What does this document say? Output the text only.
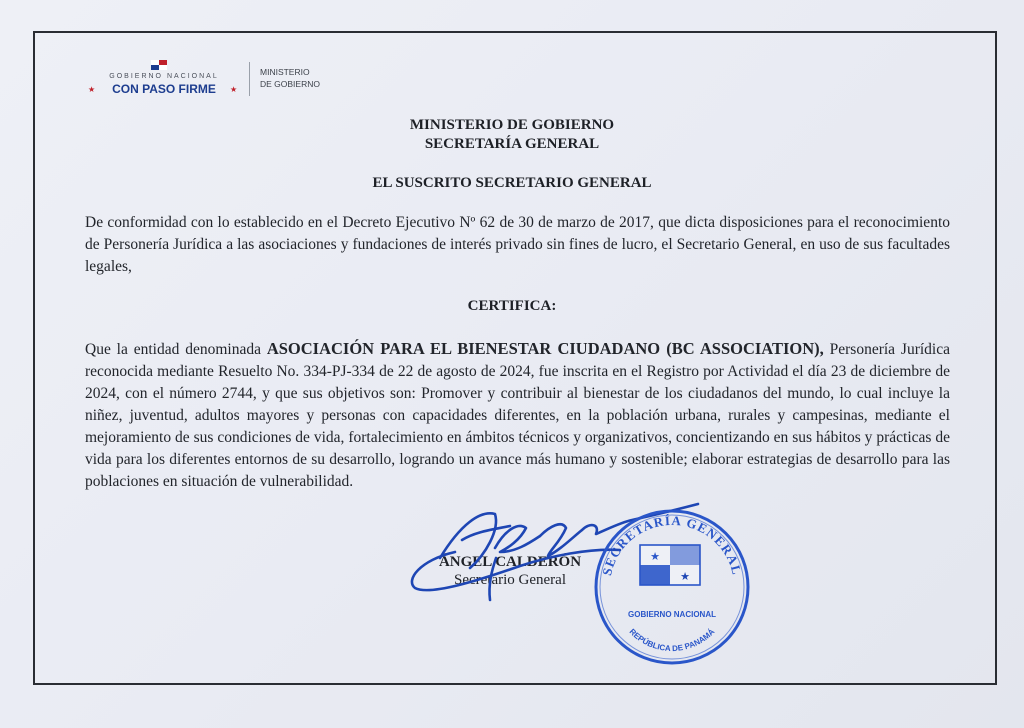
GOBIERNO NACIONAL
★	CON PASO FIRME	★
MINISTERIO
DE GOBIERNO
MINISTERIO DE GOBIERNO
SECRETARÍA GENERAL
EL SUSCRITO SECRETARIO GENERAL
De conformidad con lo establecido en el Decreto Ejecutivo Nº 62 de 30 de marzo de 2017, que dicta disposiciones para el reconocimiento de Personería Jurídica a las asociaciones y fundaciones de interés privado sin fines de lucro, el Secretario General, en uso de sus facultades legales,
CERTIFICA:
Que la entidad denominada ASOCIACIÓN PARA EL BIENESTAR CIUDADANO (BC ASSOCIATION), Personería Jurídica reconocida mediante Resuelto No. 334-PJ-334 de 22 de agosto de 2024, fue inscrita en el Registro por Actividad el día 23 de diciembre de 2024, con el número 2744, y que sus objetivos son: Promover y contribuir al bienestar de los ciudadanos del mundo, lo cual incluye la niñez, juventud, adultos mayores y personas con capacidades diferentes, en la población urbana, rurales y campesinas, mediante el mejoramiento de sus condiciones de vida, fortalecimiento en ámbitos técnicos y organizativos, concientizando en sus hábitos y prácticas de vida para los diferentes entornos de su desarrollo, logrando un avance más humano y sostenible; elaborar estrategias de desarrollo para las poblaciones en situación de vulnerabilidad.
ÁNGEL CALDERÓN
Secretario General
SECRETARÍA GENERAL
★
★
REPÚBLICA DE PANAMÁ
GOBIERNO NACIONAL
